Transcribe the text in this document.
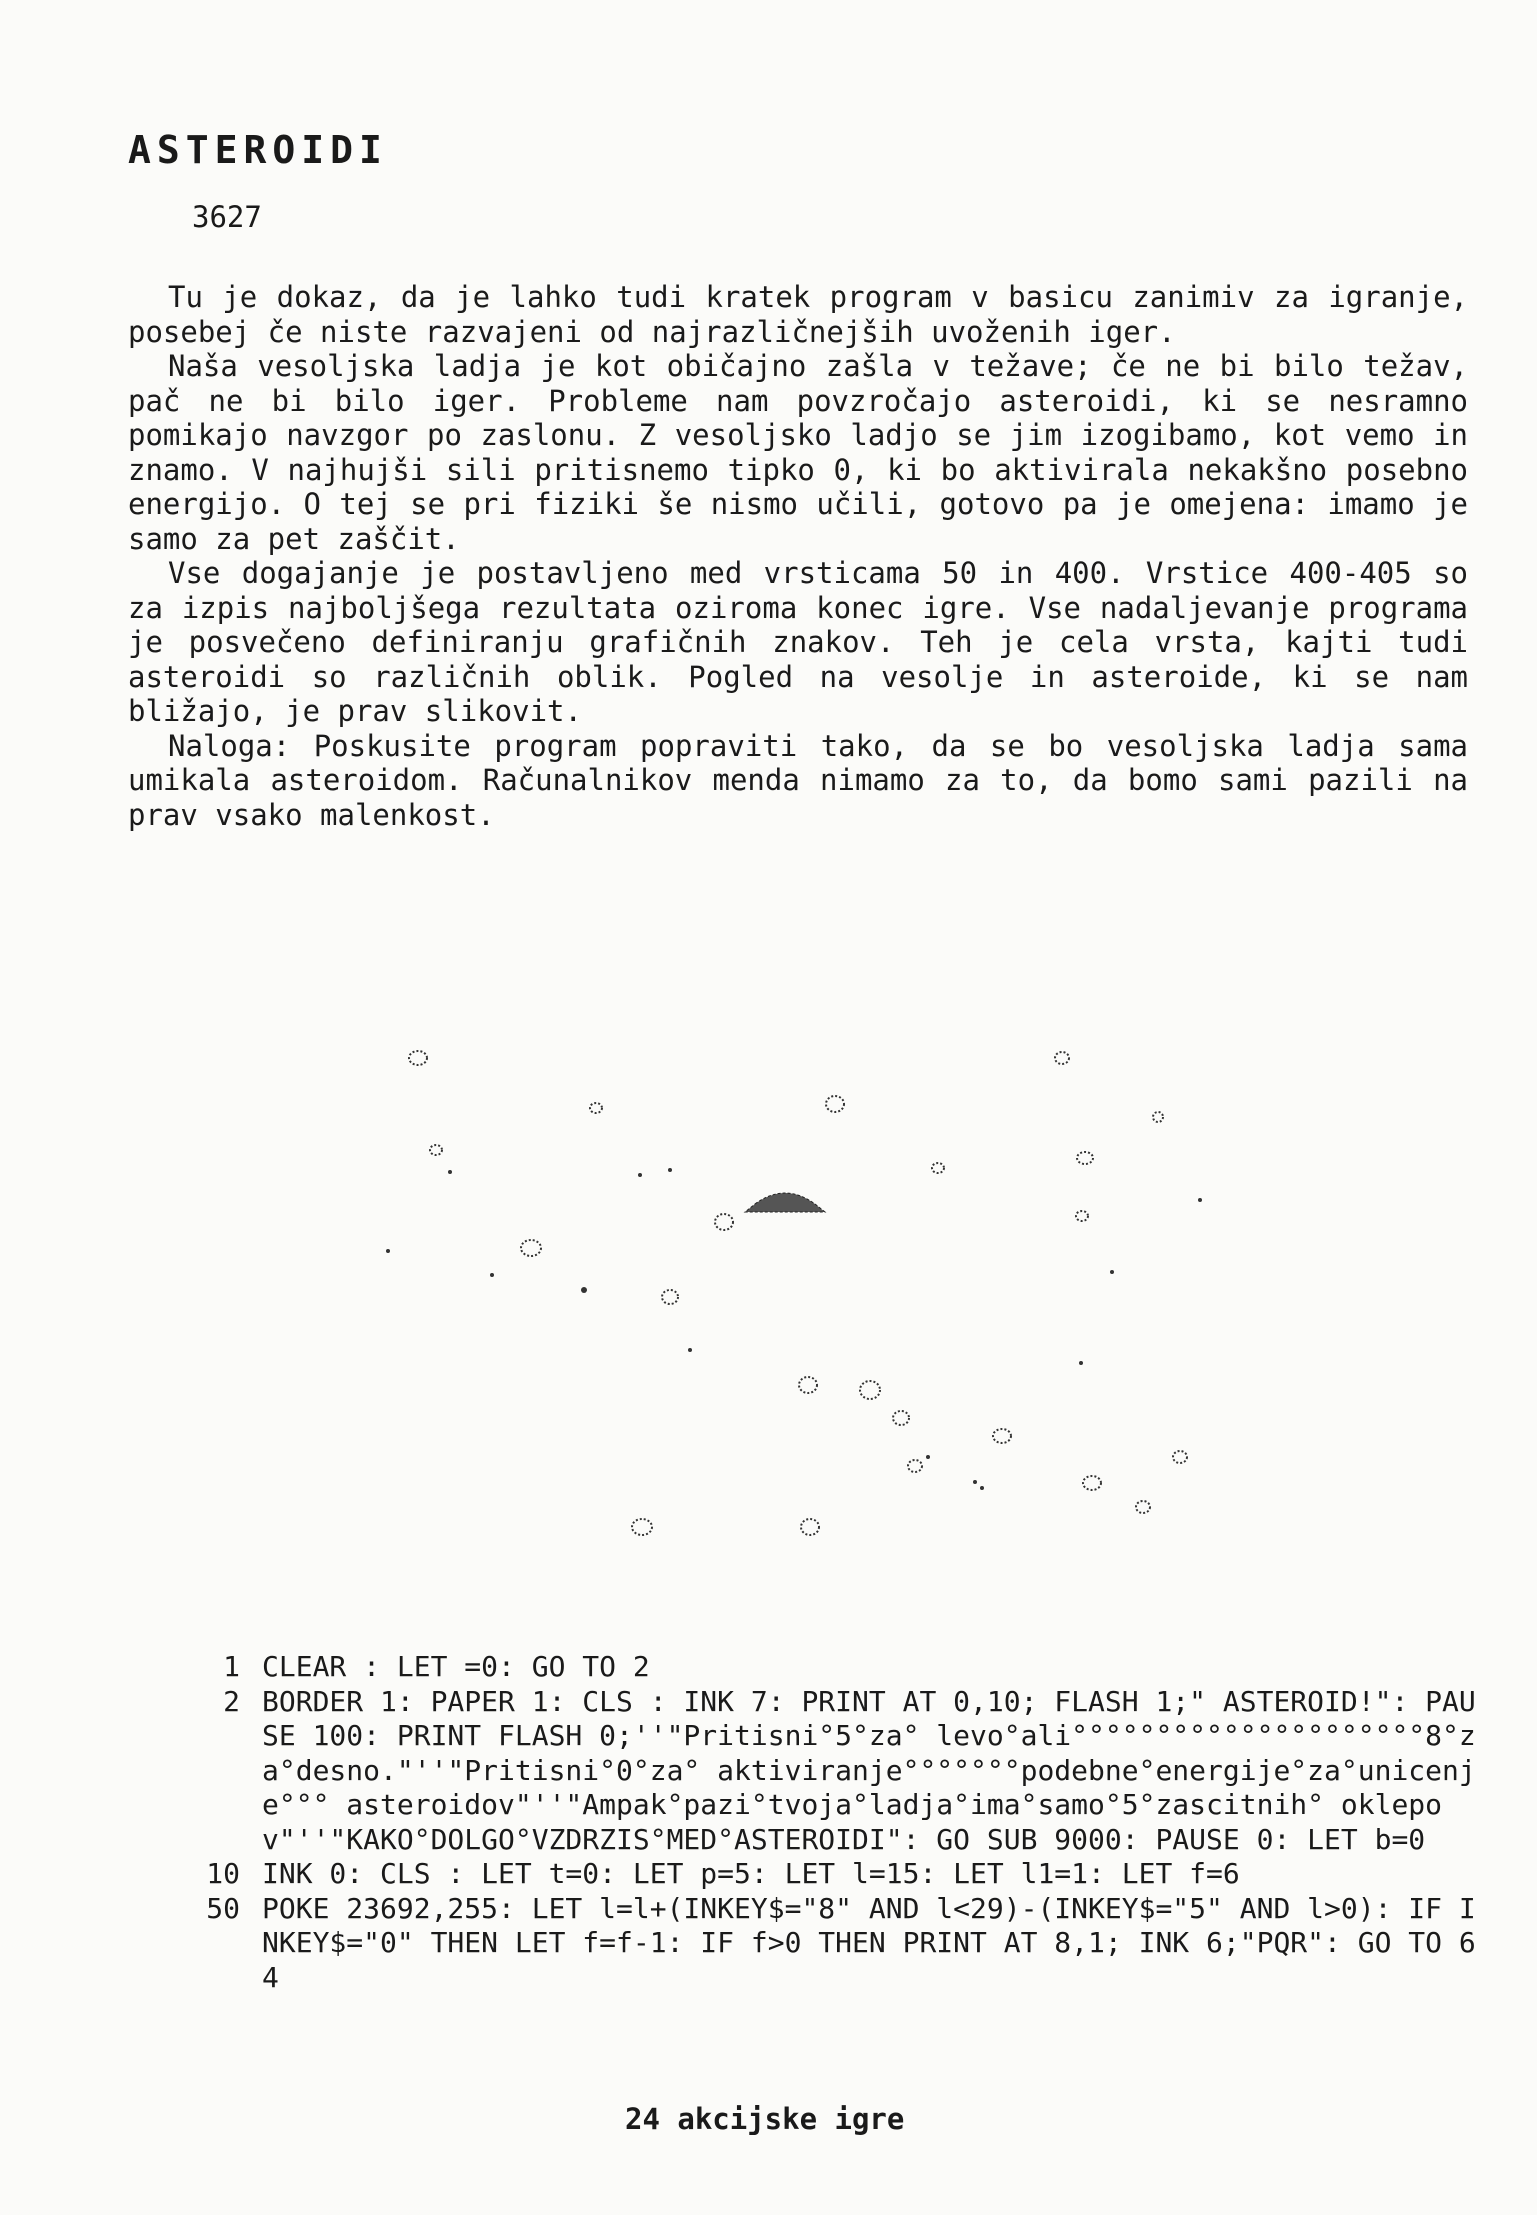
ASTEROIDI
3627

Tu je dokaz, da je lahko tudi kratek program v basicu zanimiv za igranje, posebej če niste razvajeni od najrazličnejših uvoženih iger.

Naša vesoljska ladja je kot običajno zašla v težave; če ne bi bilo težav, pač ne bi bilo iger. Probleme nam povzročajo asteroidi, ki se nesramno pomikajo navzgor po zaslonu. Z vesoljsko ladjo se jim izogibamo, kot vemo in znamo. V najhujši sili pritisnemo tipko 0, ki bo aktivirala nekakšno posebno energijo. O tej se pri fiziki še nismo učili, gotovo pa je omejena: imamo je samo za pet zaščit.

Vse dogajanje je postavljeno med vrsticama 50 in 400. Vrstice 400-405 so za izpis najboljšega rezultata oziroma konec igre. Vse nadaljevanje programa je posvečeno definiranju grafičnih znakov. Teh je cela vrsta, kajti tudi asteroidi so različnih oblik. Pogled na vesolje in asteroide, ki se nam bližajo, je prav slikovit.

Naloga: Poskusite program popraviti tako, da se bo vesoljska ladja sama umikala asteroidom. Računalnikov menda nimamo za to, da bomo sami pazili na prav vsako malenkost.

1 CLEAR : LET =0: GO TO 2
2 BORDER 1: PAPER 1: CLS : INK 7: PRINT AT 0,10; FLASH 1;" ASTEROID!": PAUSE 100: PRINT FLASH 0;''"Pritisni°5°za° levo°ali°°°°°°°°°°°°°°°°°°°°°8°za°desno."''"Pritisni°0°za° aktiviranje°°°°°°°podebne°energije°za°unicenje°°° asteroidov"''"Ampak°pazi°tvoja°ladja°ima°samo°5°zascitnih° oklepov"''"KAKO°DOLGO°VZDRZIS°MED°ASTEROIDI": GO SUB 9000: PAUSE 0: LET b=0
10 INK 0: CLS : LET t=0: LET p=5: LET l=15: LET l1=1: LET f=6
50 POKE 23692,255: LET l=l+(INKEY$="8" AND l<29)-(INKEY$="5" AND l>0): IF INKEY$="0" THEN LET f=f-1: IF f>0 THEN PRINT AT 8,1; INK 6;"PQR": GO TO 64
24 akcijske igre
